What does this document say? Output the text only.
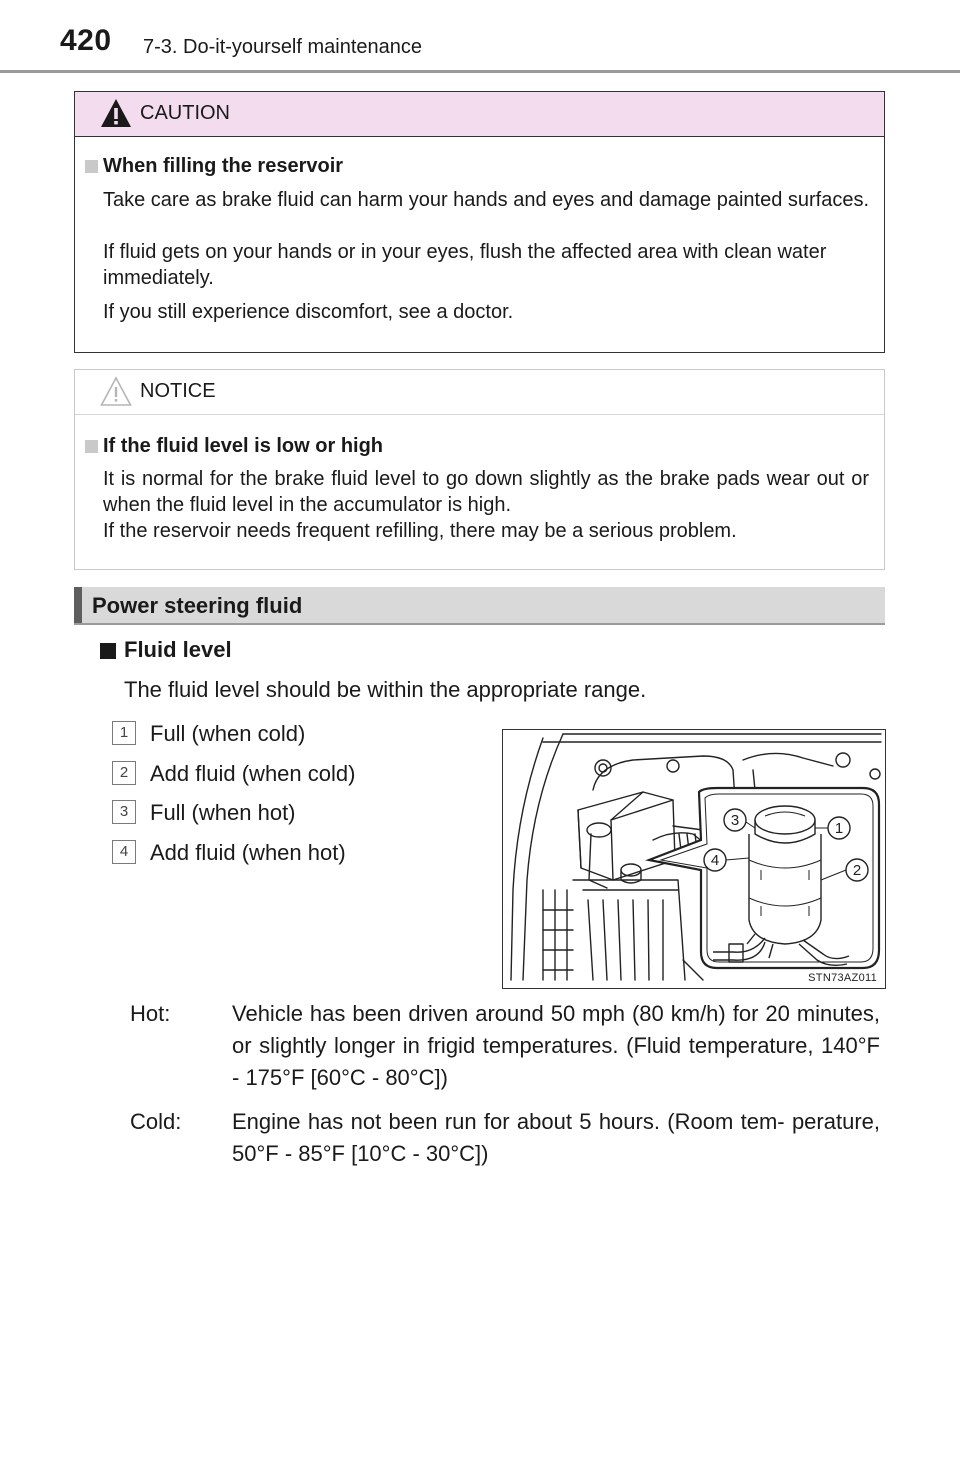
420 7-3. Do-it-yourself maintenance
CAUTION
When filling the reservoir
Take care as brake fluid can harm your hands and eyes and damage painted surfaces.
If fluid gets on your hands or in your eyes, flush the affected area with clean water immediately.
If you still experience discomfort, see a doctor.
NOTICE
If the fluid level is low or high
It is normal for the brake fluid level to go down slightly as the brake pads wear out or when the fluid level in the accumulator is high.
If the reservoir needs frequent refilling, there may be a serious problem.
Power steering fluid
Fluid level
The fluid level should be within the appropriate range.
1 Full (when cold)
2 Add fluid (when cold)
3 Full (when hot)
4 Add fluid (when hot)
3	1
4
2
STN73AZ011
Hot:	Vehicle has been driven around 50 mph (80 km/h) for 20 minutes, or slightly longer in frigid temperatures. (Fluid temperature, 140°F - 175°F [60°C - 80°C])
Cold: Engine has not been run for about 5 hours. (Room tem- perature, 50°F - 85°F [10°C - 30°C])
